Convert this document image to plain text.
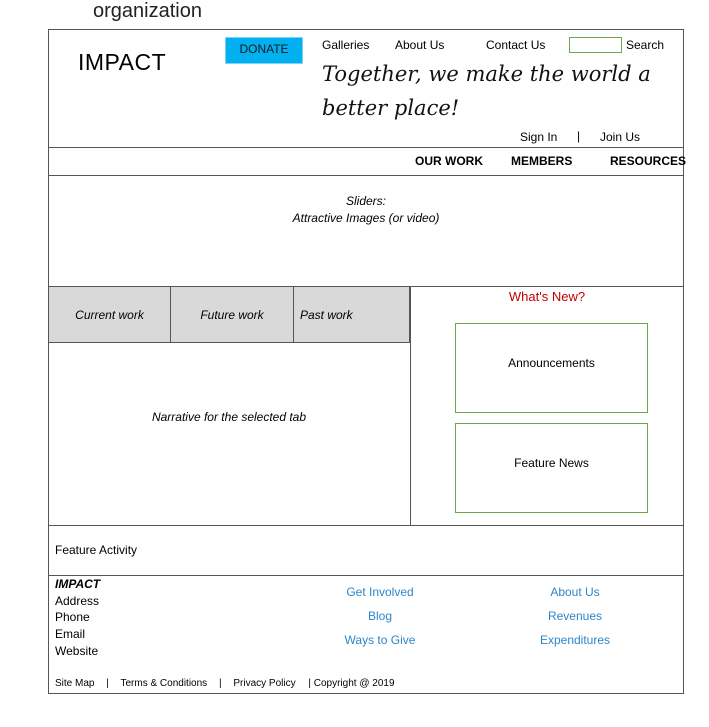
organization
IMPACT	DONATE	Galleries About Us	Contact Us	Search
Together, we make the world a better place!
Sign In | Join Us
OUR WORK MEMBERS	RESOURCES
Sliders:
Attractive Images (or video)
Current work	Future work	Past work
Narrative for the selected tab
What's New?
Announcements
Feature News
Feature Activity
IMPACT
Address
Phone
Email
Website
Get Involved
Blog
Ways to Give
About Us
Revenues
Expenditures
Site Map | Terms & Conditions | Privacy Policy | Copyright @ 2019
